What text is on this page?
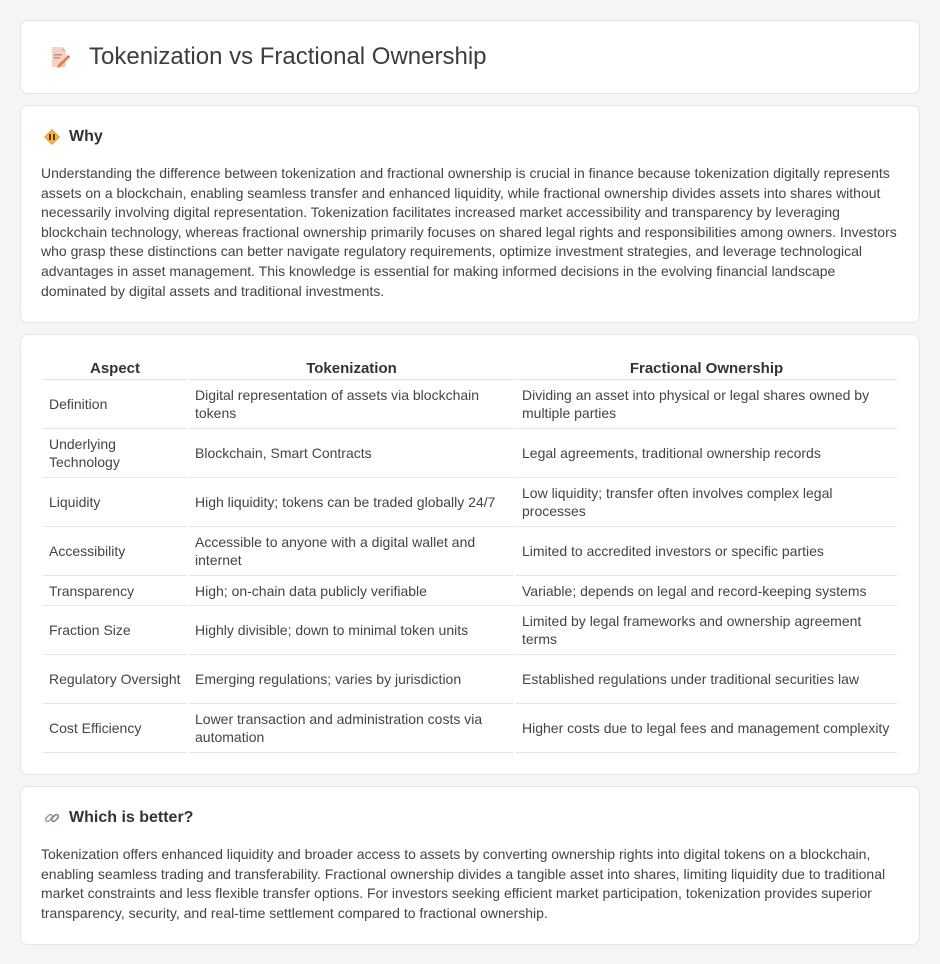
Tokenization vs Fractional Ownership
Why

Understanding the difference between tokenization and fractional ownership is crucial in finance because tokenization digitally represents assets on a blockchain, enabling seamless transfer and enhanced liquidity, while fractional ownership divides assets into shares without necessarily involving digital representation. Tokenization facilitates increased market accessibility and transparency by leveraging blockchain technology, whereas fractional ownership primarily focuses on shared legal rights and responsibilities among owners. Investors who grasp these distinctions can better navigate regulatory requirements, optimize investment strategies, and leverage technological advantages in asset management. This knowledge is essential for making informed decisions in the evolving financial landscape dominated by digital assets and traditional investments.

Aspect	Tokenization	Fractional Ownership
Definition	Digital representation of assets via blockchain tokens	Dividing an asset into physical or legal shares owned by multiple parties
Underlying Technology	Blockchain, Smart Contracts	Legal agreements, traditional ownership records
Liquidity	High liquidity; tokens can be traded globally 24/7	Low liquidity; transfer often involves complex legal processes
Accessibility	Accessible to anyone with a digital wallet and internet	Limited to accredited investors or specific parties
Transparency	High; on-chain data publicly verifiable	Variable; depends on legal and record-keeping systems
Fraction Size	Highly divisible; down to minimal token units	Limited by legal frameworks and ownership agreement terms
Regulatory Oversight	Emerging regulations; varies by jurisdiction	Established regulations under traditional securities law
Cost Efficiency	Lower transaction and administration costs via automation	Higher costs due to legal fees and management complexity
Which is better?

Tokenization offers enhanced liquidity and broader access to assets by converting ownership rights into digital tokens on a blockchain, enabling seamless trading and transferability. Fractional ownership divides a tangible asset into shares, limiting liquidity due to traditional market constraints and less flexible transfer options. For investors seeking efficient market participation, tokenization provides superior transparency, security, and real-time settlement compared to fractional ownership.
